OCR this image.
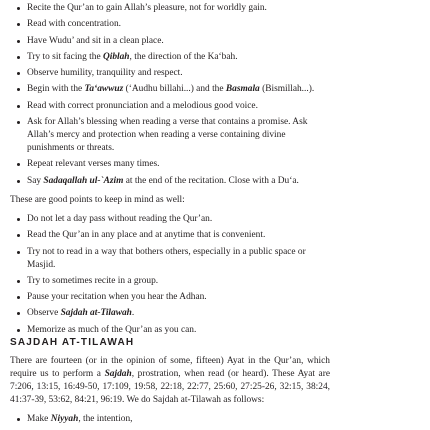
Recite the Qur’an to gain Allah’s pleasure, not for worldly gain.
Read with concentration.
Have Wudu’ and sit in a clean place.
Try to sit facing the Qiblah, the direction of the Ka‘bah.
Observe humility, tranquility and respect.
Begin with the Ta‘awwuz (‘Audhu billahi...) and the Basmala (Bismillah...).
Read with correct pronunciation and a melodious good voice.
Ask for Allah’s blessing when reading a verse that contains a promise. Ask Allah’s mercy and protection when reading a verse containing divine punishments or threats.
Repeat relevant verses many times.
Say Sadaqallah ul-`Azim at the end of the recitation. Close with a Du‘a.

These are good points to keep in mind as well:

Do not let a day pass without reading the Qur’an.
Read the Qur’an in any place and at anytime that is convenient.
Try not to read in a way that bothers others, especially in a public space or Masjid.
Try to sometimes recite in a group.
Pause your recitation when you hear the Adhan.
Observe Sajdah at-Tilawah.
Memorize as much of the Qur’an as you can.
SAJDAH AT-TILAWAH

There are fourteen (or in the opinion of some, fifteen) Ayat in the Qur’an, which require us to perform a Sajdah, prostration, when read (or heard). These Ayat are 7:206, 13:15, 16:49-50, 17:109, 19:58, 22:18, 22:77, 25:60, 27:25-26, 32:15, 38:24, 41:37-39, 53:62, 84:21, 96:19. We do Sajdah at-Tilawah as follows:

Make Niyyah, the intention,
